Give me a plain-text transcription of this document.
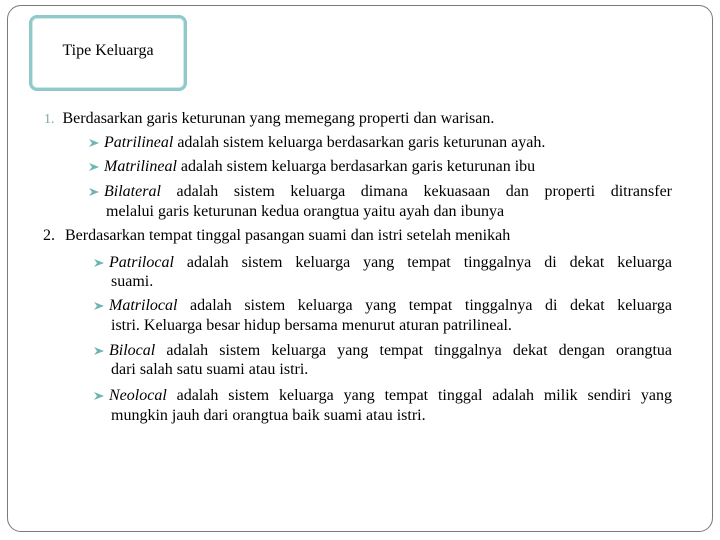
Tipe Keluarga
1. Berdasarkan garis keturunan yang memegang properti dan warisan.
Patrilineal adalah sistem keluarga berdasarkan garis keturunan ayah.
Matrilineal adalah sistem keluarga berdasarkan garis keturunan ibu
Bilateral adalah sistem keluarga dimana kekuasaan dan properti ditransfer
melalui garis keturunan kedua orangtua yaitu ayah dan ibunya
2. Berdasarkan tempat tinggal pasangan suami dan istri setelah menikah
Patrilocal adalah sistem keluarga yang tempat tinggalnya di dekat keluarga
suami.
Matrilocal adalah sistem keluarga yang tempat tinggalnya di dekat keluarga
istri. Keluarga besar hidup bersama menurut aturan patrilineal.
Bilocal adalah sistem keluarga yang tempat tinggalnya dekat dengan orangtua
dari salah satu suami atau istri.
Neolocal adalah sistem keluarga yang tempat tinggal adalah milik sendiri yang
mungkin jauh dari orangtua baik suami atau istri.
